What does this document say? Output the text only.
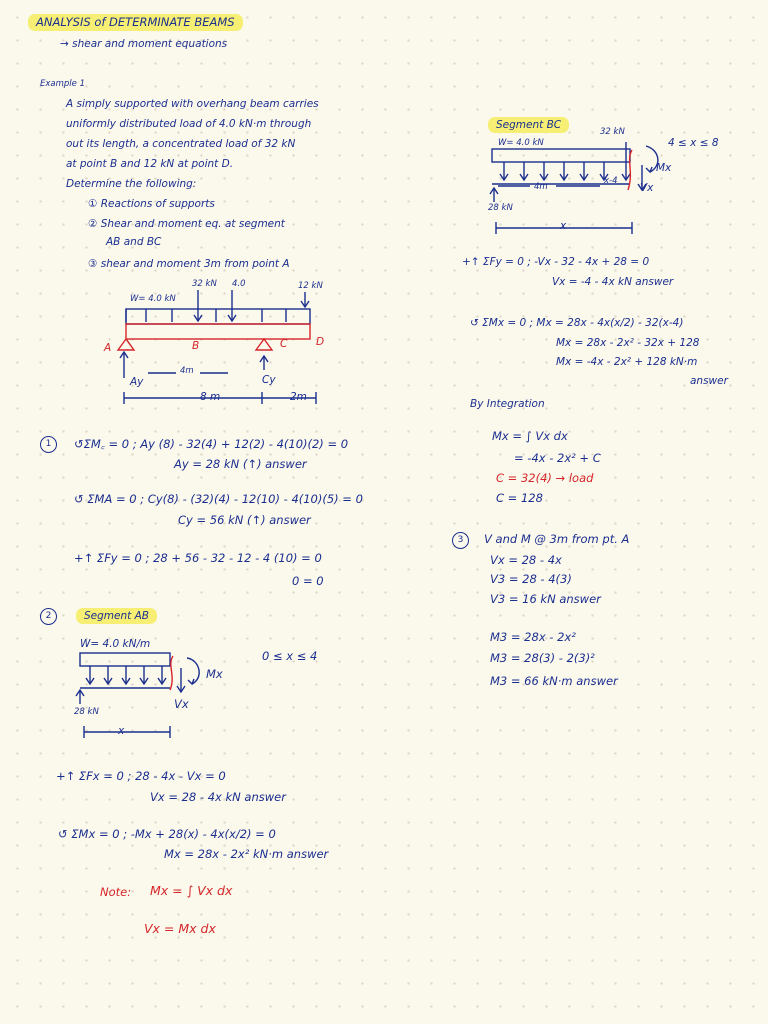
ANALYSIS of DETERMINATE BEAMS
→ shear and moment equations
Example 1
A simply supported with overhang beam carries
uniformly distributed load of 4.0 kN·m through
out its length, a concentrated load of 32 kN
at point B and 12 kN at point D.
Determine the following:
① Reactions of supports
② Shear and moment eq. at segment
AB and BC
③ shear and moment 3m from point A
W= 4.0 kN
32 kN 4.0	12 kN
A	B	C	D
Ay	Cy
4m
8 m	2m
1	↺ΣM꜀ = 0 ; Ay (8) - 32(4) + 12(2) - 4(10)(2) = 0
Ay = 28 kN (↑) answer
↺ ΣMA = 0 ; Cy(8) - (32)(4) - 12(10) - 4(10)(5) = 0
Cy = 56 kN (↑) answer
+↑ ΣFy = 0 ; 28 + 56 - 32 - 12 - 4 (10) = 0
0 = 0
2	Segment AB
W= 4.0 kN/m
Mx
Vx
0 ≤ x ≤ 4
28 kN
x
+↑ ΣFx = 0 ; 28 - 4x - Vx = 0
Vx = 28 - 4x kN answer
↺ ΣMx = 0 ; -Mx + 28(x) - 4x(x/2) = 0
Mx = 28x - 2x² kN·m answer
Note: Mx = ∫ Vx dx
Vx = Mx dx
Segment BC
W= 4.0 kN
32 kN
4 ≤ x ≤ 8
Mx
Vx
4m
x-4
28 kN
x
+↑ ΣFy = 0 ; -Vx - 32 - 4x + 28 = 0
Vx = -4 - 4x kN answer
↺ ΣMx = 0 ; Mx = 28x - 4x(x/2) - 32(x-4)
Mx = 28x - 2x² - 32x + 128
Mx = -4x - 2x² + 128 kN·m
answer
By Integration
Mx = ∫ Vx dx
= -4x - 2x² + C
C = 32(4) → load
C = 128
3	V and M @ 3m from pt. A
Vx = 28 - 4x
V3 = 28 - 4(3)
V3 = 16 kN answer
M3 = 28x - 2x²
M3 = 28(3) - 2(3)²
M3 = 66 kN·m answer
